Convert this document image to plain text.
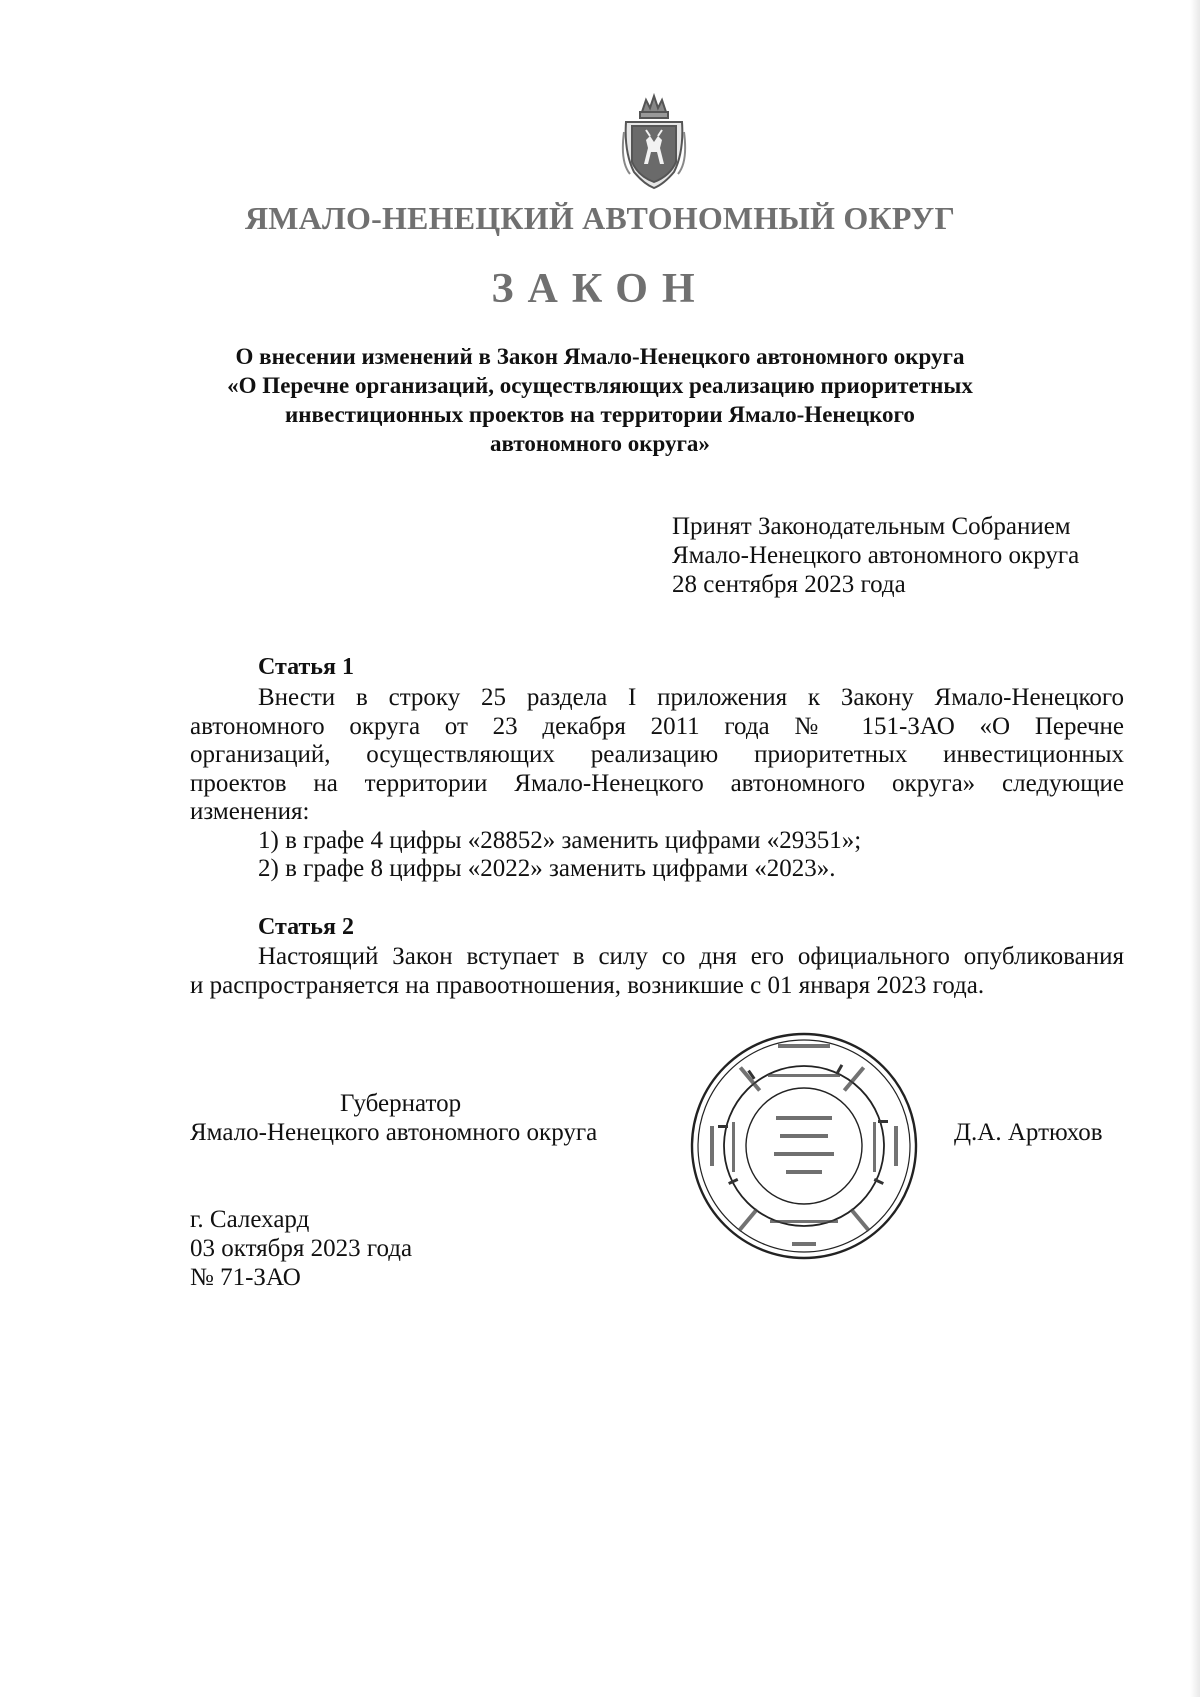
ЯМАЛО-НЕНЕЦКИЙ АВТОНОМНЫЙ ОКРУГ
ЗАКОН
О внесении изменений в Закон Ямало-Ненецкого автономного округа
«О Перечне организаций, осуществляющих реализацию приоритетных
инвестиционных проектов на территории Ямало-Ненецкого
автономного округа»
Принят Законодательным Собранием
Ямало-Ненецкого автономного округа
28 сентября 2023 года
Статья 1
Внести в строку 25 раздела I приложения к Закону Ямало-Ненецкого
автономного округа от 23 декабря 2011 года № 151-ЗАО «О Перечне
организаций, осуществляющих реализацию приоритетных инвестиционных
проектов на территории Ямало-Ненецкого автономного округа» следующие
изменения:
1) в графе 4 цифры «28852» заменить цифрами «29351»;
2) в графе 8 цифры «2022» заменить цифрами «2023».
Статья 2
Настоящий Закон вступает в силу со дня его официального опубликования
и распространяется на правоотношения, возникшие с 01 января 2023 года.
Губернатор
Ямало-Ненецкого автономного округа	Д.А. Артюхов
г. Салехард
03 октября 2023 года
№ 71-ЗАО
